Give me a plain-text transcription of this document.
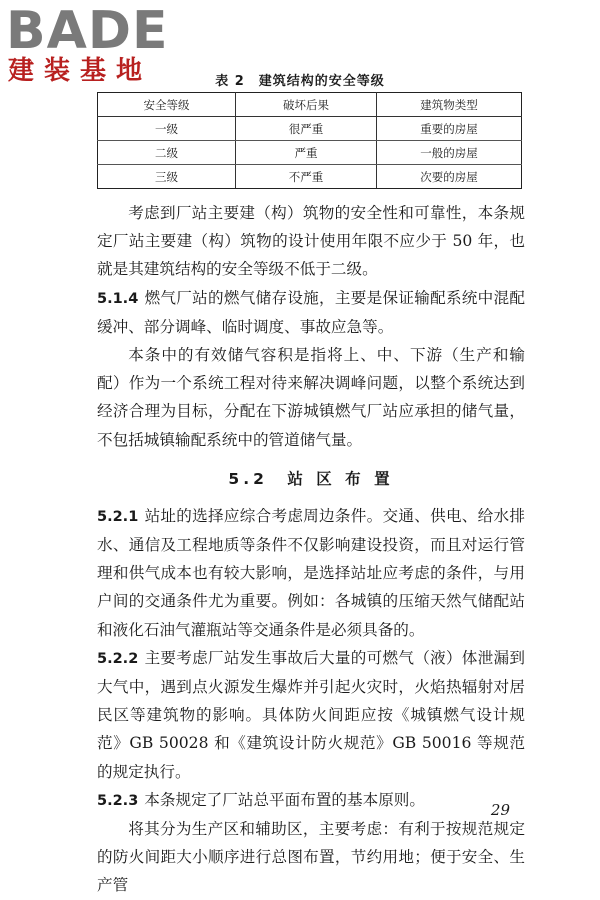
BADE
建装基地	表 2　建筑结构的安全等级
安全等级	破坏后果	建筑物类型
一级	很严重	重要的房屋
二级	严重	一般的房屋
三级	不严重	次要的房屋

考虑到厂站主要建（构）筑物的安全性和可靠性，本条规定厂站主要建（构）筑物的设计使用年限不应少于 50 年，也就是其建筑结构的安全等级不低于二级。

5.1.4 燃气厂站的燃气储存设施，主要是保证输配系统中混配缓冲、部分调峰、临时调度、事故应急等。

本条中的有效储气容积是指将上、中、下游（生产和输配）作为一个系统工程对待来解决调峰问题，以整个系统达到经济合理为目标，分配在下游城镇燃气厂站应承担的储气量，不包括城镇输配系统中的管道储气量。

5.2　站 区 布 置

5.2.1 站址的选择应综合考虑周边条件。交通、供电、给水排水、通信及工程地质等条件不仅影响建设投资，而且对运行管理和供气成本也有较大影响，是选择站址应考虑的条件，与用户间的交通条件尤为重要。例如：各城镇的压缩天然气储配站和液化石油气灌瓶站等交通条件是必须具备的。

5.2.2 主要考虑厂站发生事故后大量的可燃气（液）体泄漏到大气中，遇到点火源发生爆炸并引起火灾时，火焰热辐射对居民区等建筑物的影响。具体防火间距应按《城镇燃气设计规范》GB 50028 和《建筑设计防火规范》GB 50016 等规范的规定执行。

5.2.3 本条规定了厂站总平面布置的基本原则。

将其分为生产区和辅助区，主要考虑：有利于按规范规定的防火间距大小顺序进行总图布置，节约用地；便于安全、生产管

29
